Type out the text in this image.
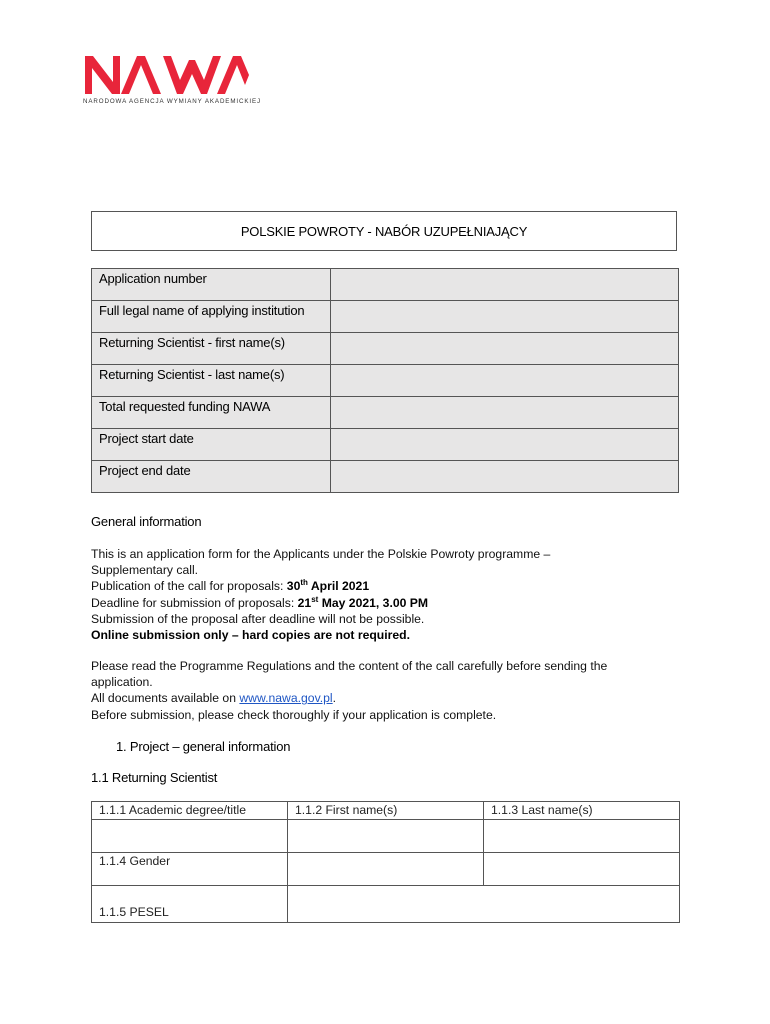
NARODOWA AGENCJA WYMIANY AKADEMICKIEJ
POLSKIE POWROTY - NABÓR UZUPEŁNIAJĄCY
Application number	
Full legal name of applying institution	
Returning Scientist - first name(s)	
Returning Scientist - last name(s)	
Total requested funding NAWA	
Project start date	
Project end date	
General information
This is an application form for the Applicants under the Polskie Powroty programme –
Supplementary call.
Publication of the call for proposals: 30th April 2021
Deadline for submission of proposals: 21st May 2021, 3.00 PM
Submission of the proposal after deadline will not be possible.
Online submission only – hard copies are not required.
Please read the Programme Regulations and the content of the call carefully before sending the
application.
All documents available on www.nawa.gov.pl.
Before submission, please check thoroughly if your application is complete.
1. Project – general information
1.1 Returning Scientist
1.1.1 Academic degree/title	1.1.2 First name(s)	1.1.3 Last name(s)

1.1.4 Gender		
1.1.5 PESEL		
